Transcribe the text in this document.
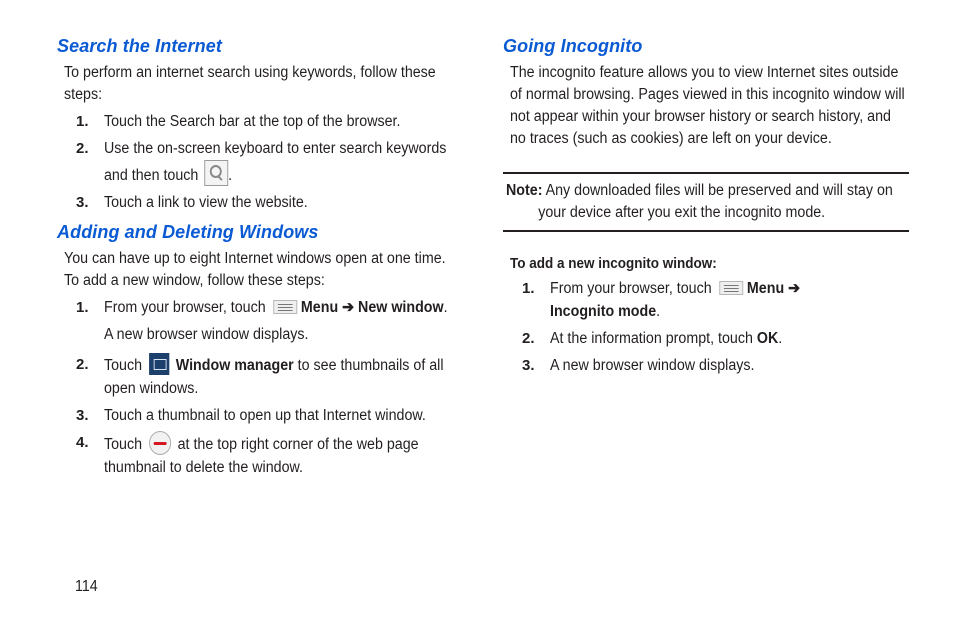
Search the Internet

To perform an internet search using keywords, follow these steps:

1. Touch the Search bar at the top of the browser.
2. Use the on-screen keyboard to enter search keywords and then touch .
3. Touch a link to view the website.
Adding and Deleting Windows

You can have up to eight Internet windows open at one time. To add a new window, follow these steps:

1. From your browser, touch Menu ➔ New window.
A new browser window displays.
2. Touch Window manager to see thumbnails of all open windows.
3. Touch a thumbnail to open up that Internet window.
4. Touch at the top right corner of the web page thumbnail to delete the window.
Going Incognito

The incognito feature allows you to view Internet sites outside of normal browsing. Pages viewed in this incognito window will not appear within your browser history or search history, and no traces (such as cookies) are left on your device.

Note: Any downloaded files will be preserved and will stay on
your device after you exit the incognito mode.
To add a new incognito window:
1. From your browser, touch Menu ➔ Incognito mode.
2. At the information prompt, touch OK.
3. A new browser window displays.
114
